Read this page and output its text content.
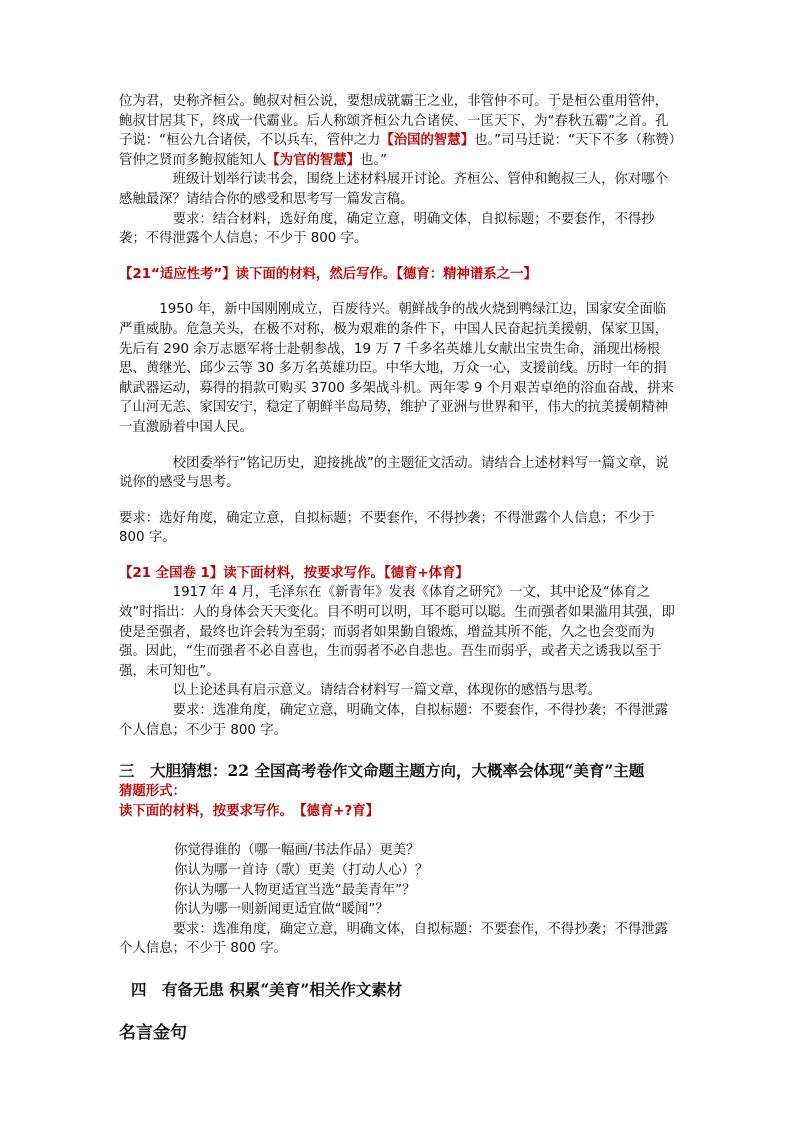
位为君，史称齐桓公。鲍叔对桓公说，要想成就霸王之业，非管仲不可。于是桓公重用管仲，鲍叔甘居其下，终成一代霸业。后人称颂齐桓公九合诸侯、一匡天下，为“春秋五霸”之首。孔子说：“桓公九合诸侯，不以兵车，管仲之力【治国的智慧】也。”司马迁说：“天下不多（称赞）管仲之贤而多鲍叔能知人【为官的智慧】也。”

班级计划举行读书会，围绕上述材料展开讨论。齐桓公、管仲和鲍叔三人，你对哪个感触最深？请结合你的感受和思考写一篇发言稿。

要求：结合材料，选好角度，确定立意，明确文体，自拟标题；不要套作，不得抄袭；不得泄露个人信息；不少于 800 字。

【21“适应性考”】读下面的材料，然后写作。【德育：精神谱系之一】

1950 年，新中国刚刚成立，百废待兴。朝鲜战争的战火烧到鸭绿江边，国家安全面临严重威胁。危急关头，在极不对称，极为艰难的条件下，中国人民奋起抗美援朝，保家卫国，先后有 290 余万志愿军将士赴朝参战，19 万 7 千多名英雄儿女献出宝贵生命，涌现出杨根思、黄继光、邱少云等 30 多万名英雄功臣。中华大地，万众一心，支援前线。历时一年的捐献武器运动，募得的捐款可购买 3700 多架战斗机。两年零 9 个月艰苦卓绝的浴血奋战，拼来了山河无恙、家国安宁，稳定了朝鲜半岛局势，维护了亚洲与世界和平，伟大的抗美援朝精神一直激励着中国人民。

校团委举行“铭记历史，迎接挑战”的主题征文活动。请结合上述材料写一篇文章，说说你的感受与思考。

要求：选好角度，确定立意，自拟标题；不要套作，不得抄袭；不得泄露个人信息；不少于 800 字。

【21 全国卷 1】读下面材料，按要求写作。【德育+体育】

1917 年 4 月，毛泽东在《新青年》发表《体育之研究》一文，其中论及“体育之效”时指出：人的身体会天天变化。目不明可以明，耳不聪可以聪。生而强者如果滥用其强，即使是至强者，最终也许会转为至弱；而弱者如果勤自锻炼，增益其所不能，久之也会变而为强。因此，“生而强者不必自喜也，生而弱者不必自悲也。吾生而弱乎，或者天之诱我以至于强，未可知也”。

以上论述具有启示意义。请结合材料写一篇文章，体现你的感悟与思考。

要求：选准角度，确定立意，明确文体，自拟标题：不要套作，不得抄袭；不得泄露个人信息；不少于 800 字。

三　大胆猜想：22 全国高考卷作文命题主题方向，大概率会体现“美育”主题

猜题形式：

读下面的材料，按要求写作。　【德育+?育】

你觉得谁的（哪一幅画/书法作品）更美？

你认为哪一首诗（歌）更美（打动人心）？

你认为哪一人物更适宜当选“最美青年”？

你认为哪一则新闻更适宜做“暖闻”？

要求：选准角度，确定立意，明确文体，自拟标题：不要套作，不得抄袭；不得泄露个人信息；不少于 800 字。

四　有备无患 积累“美育”相关作文素材

名言金句
